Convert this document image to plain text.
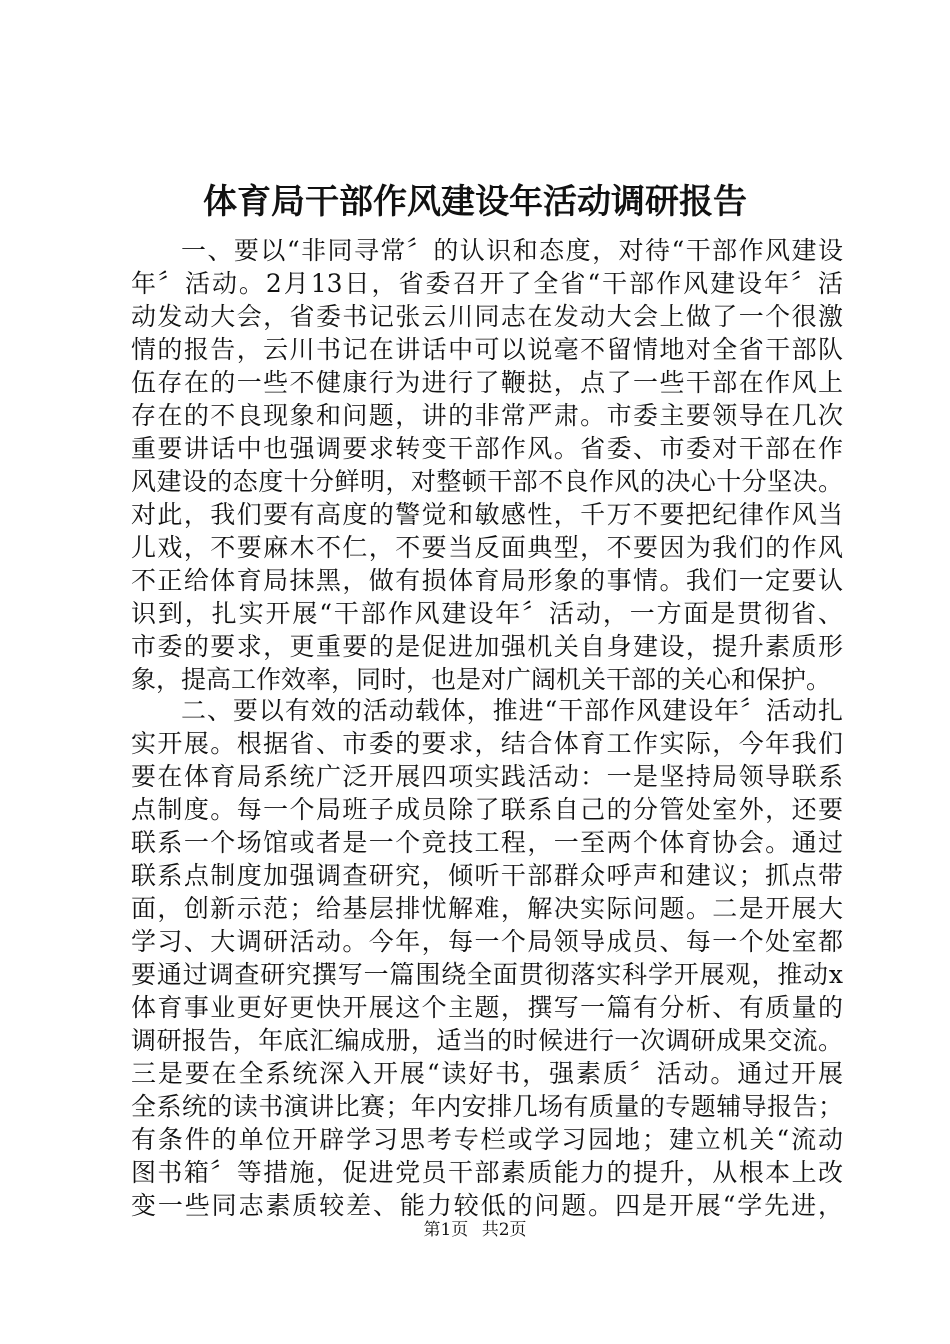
体育局干部作风建设年活动调研报告
一、要以“非同寻常〞的认识和态度，对待“干部作风建设
年〞活动。2月13日，省委召开了全省“干部作风建设年〞活
动发动大会，省委书记张云川同志在发动大会上做了一个很激
情的报告，云川书记在讲话中可以说毫不留情地对全省干部队
伍存在的一些不健康行为进行了鞭挞，点了一些干部在作风上
存在的不良现象和问题，讲的非常严肃。市委主要领导在几次
重要讲话中也强调要求转变干部作风。省委、市委对干部在作
风建设的态度十分鲜明，对整顿干部不良作风的决心十分坚决。
对此，我们要有高度的警觉和敏感性，千万不要把纪律作风当
儿戏，不要麻木不仁，不要当反面典型，不要因为我们的作风
不正给体育局抹黑，做有损体育局形象的事情。我们一定要认
识到，扎实开展“干部作风建设年〞活动，一方面是贯彻省、
市委的要求，更重要的是促进加强机关自身建设，提升素质形
象，提高工作效率，同时，也是对广阔机关干部的关心和保护。
二、要以有效的活动载体，推进“干部作风建设年〞活动扎
实开展。根据省、市委的要求，结合体育工作实际，今年我们
要在体育局系统广泛开展四项实践活动：一是坚持局领导联系
点制度。每一个局班子成员除了联系自己的分管处室外，还要
联系一个场馆或者是一个竞技工程，一至两个体育协会。通过
联系点制度加强调查研究，倾听干部群众呼声和建议；抓点带
面，创新示范；给基层排忧解难，解决实际问题。二是开展大
学习、大调研活动。今年，每一个局领导成员、每一个处室都
要通过调查研究撰写一篇围绕全面贯彻落实科学开展观，推动x
体育事业更好更快开展这个主题，撰写一篇有分析、有质量的
调研报告，年底汇编成册，适当的时候进行一次调研成果交流。
三是要在全系统深入开展“读好书，强素质〞活动。通过开展
全系统的读书演讲比赛；年内安排几场有质量的专题辅导报告；
有条件的单位开辟学习思考专栏或学习园地；建立机关“流动
图书箱〞等措施，促进党员干部素质能力的提升，从根本上改
变一些同志素质较差、能力较低的问题。四是开展“学先进，
第1页 共2页
